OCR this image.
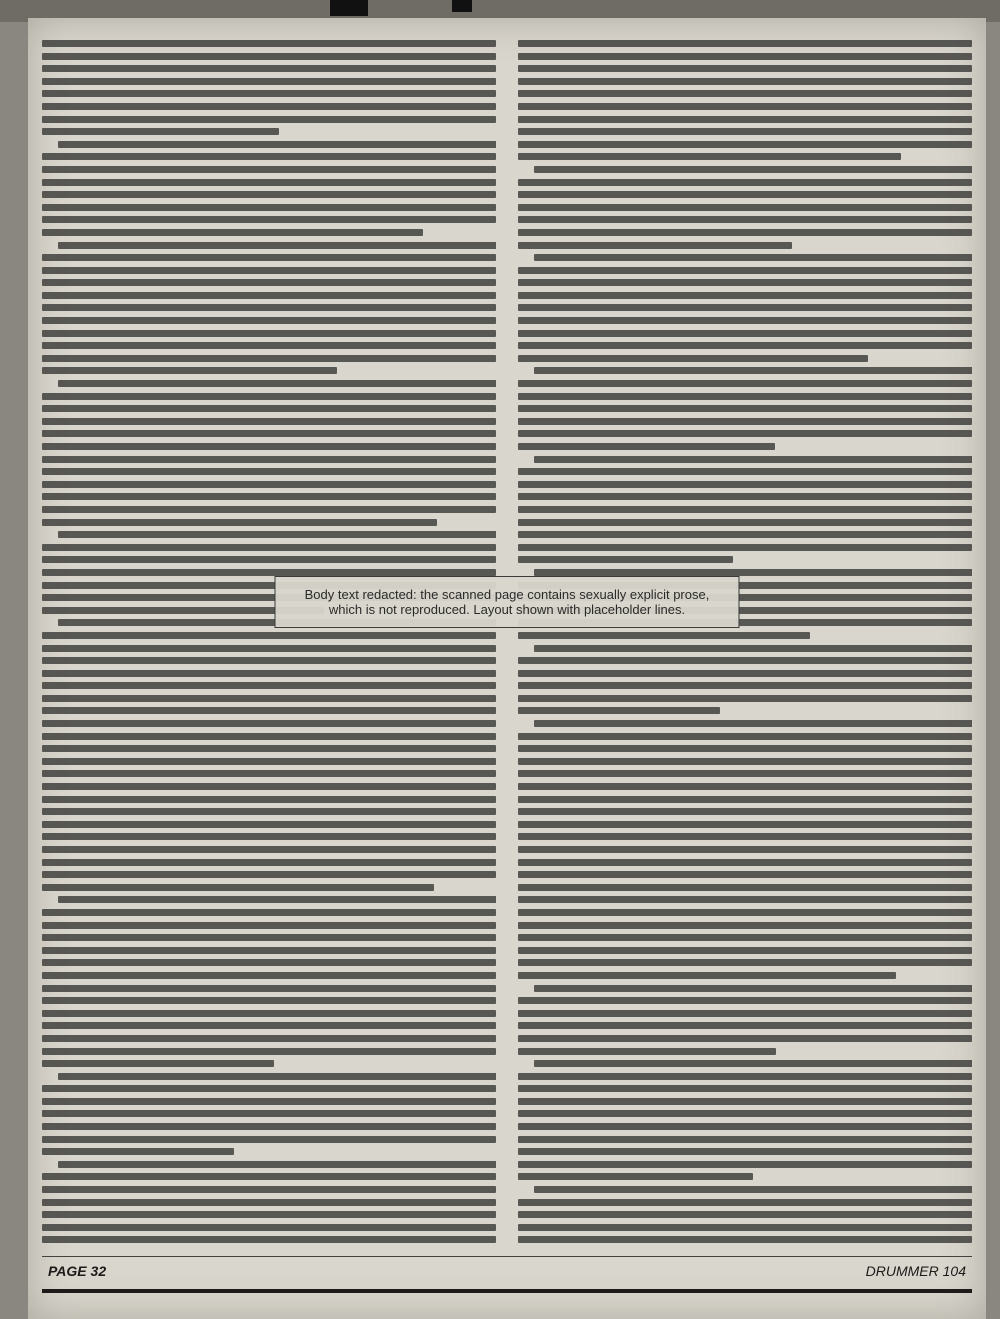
Body text redacted: the scanned page contains sexually explicit prose, which is not reproduced. Layout shown with placeholder lines.
PAGE 32	DRUMMER 104
